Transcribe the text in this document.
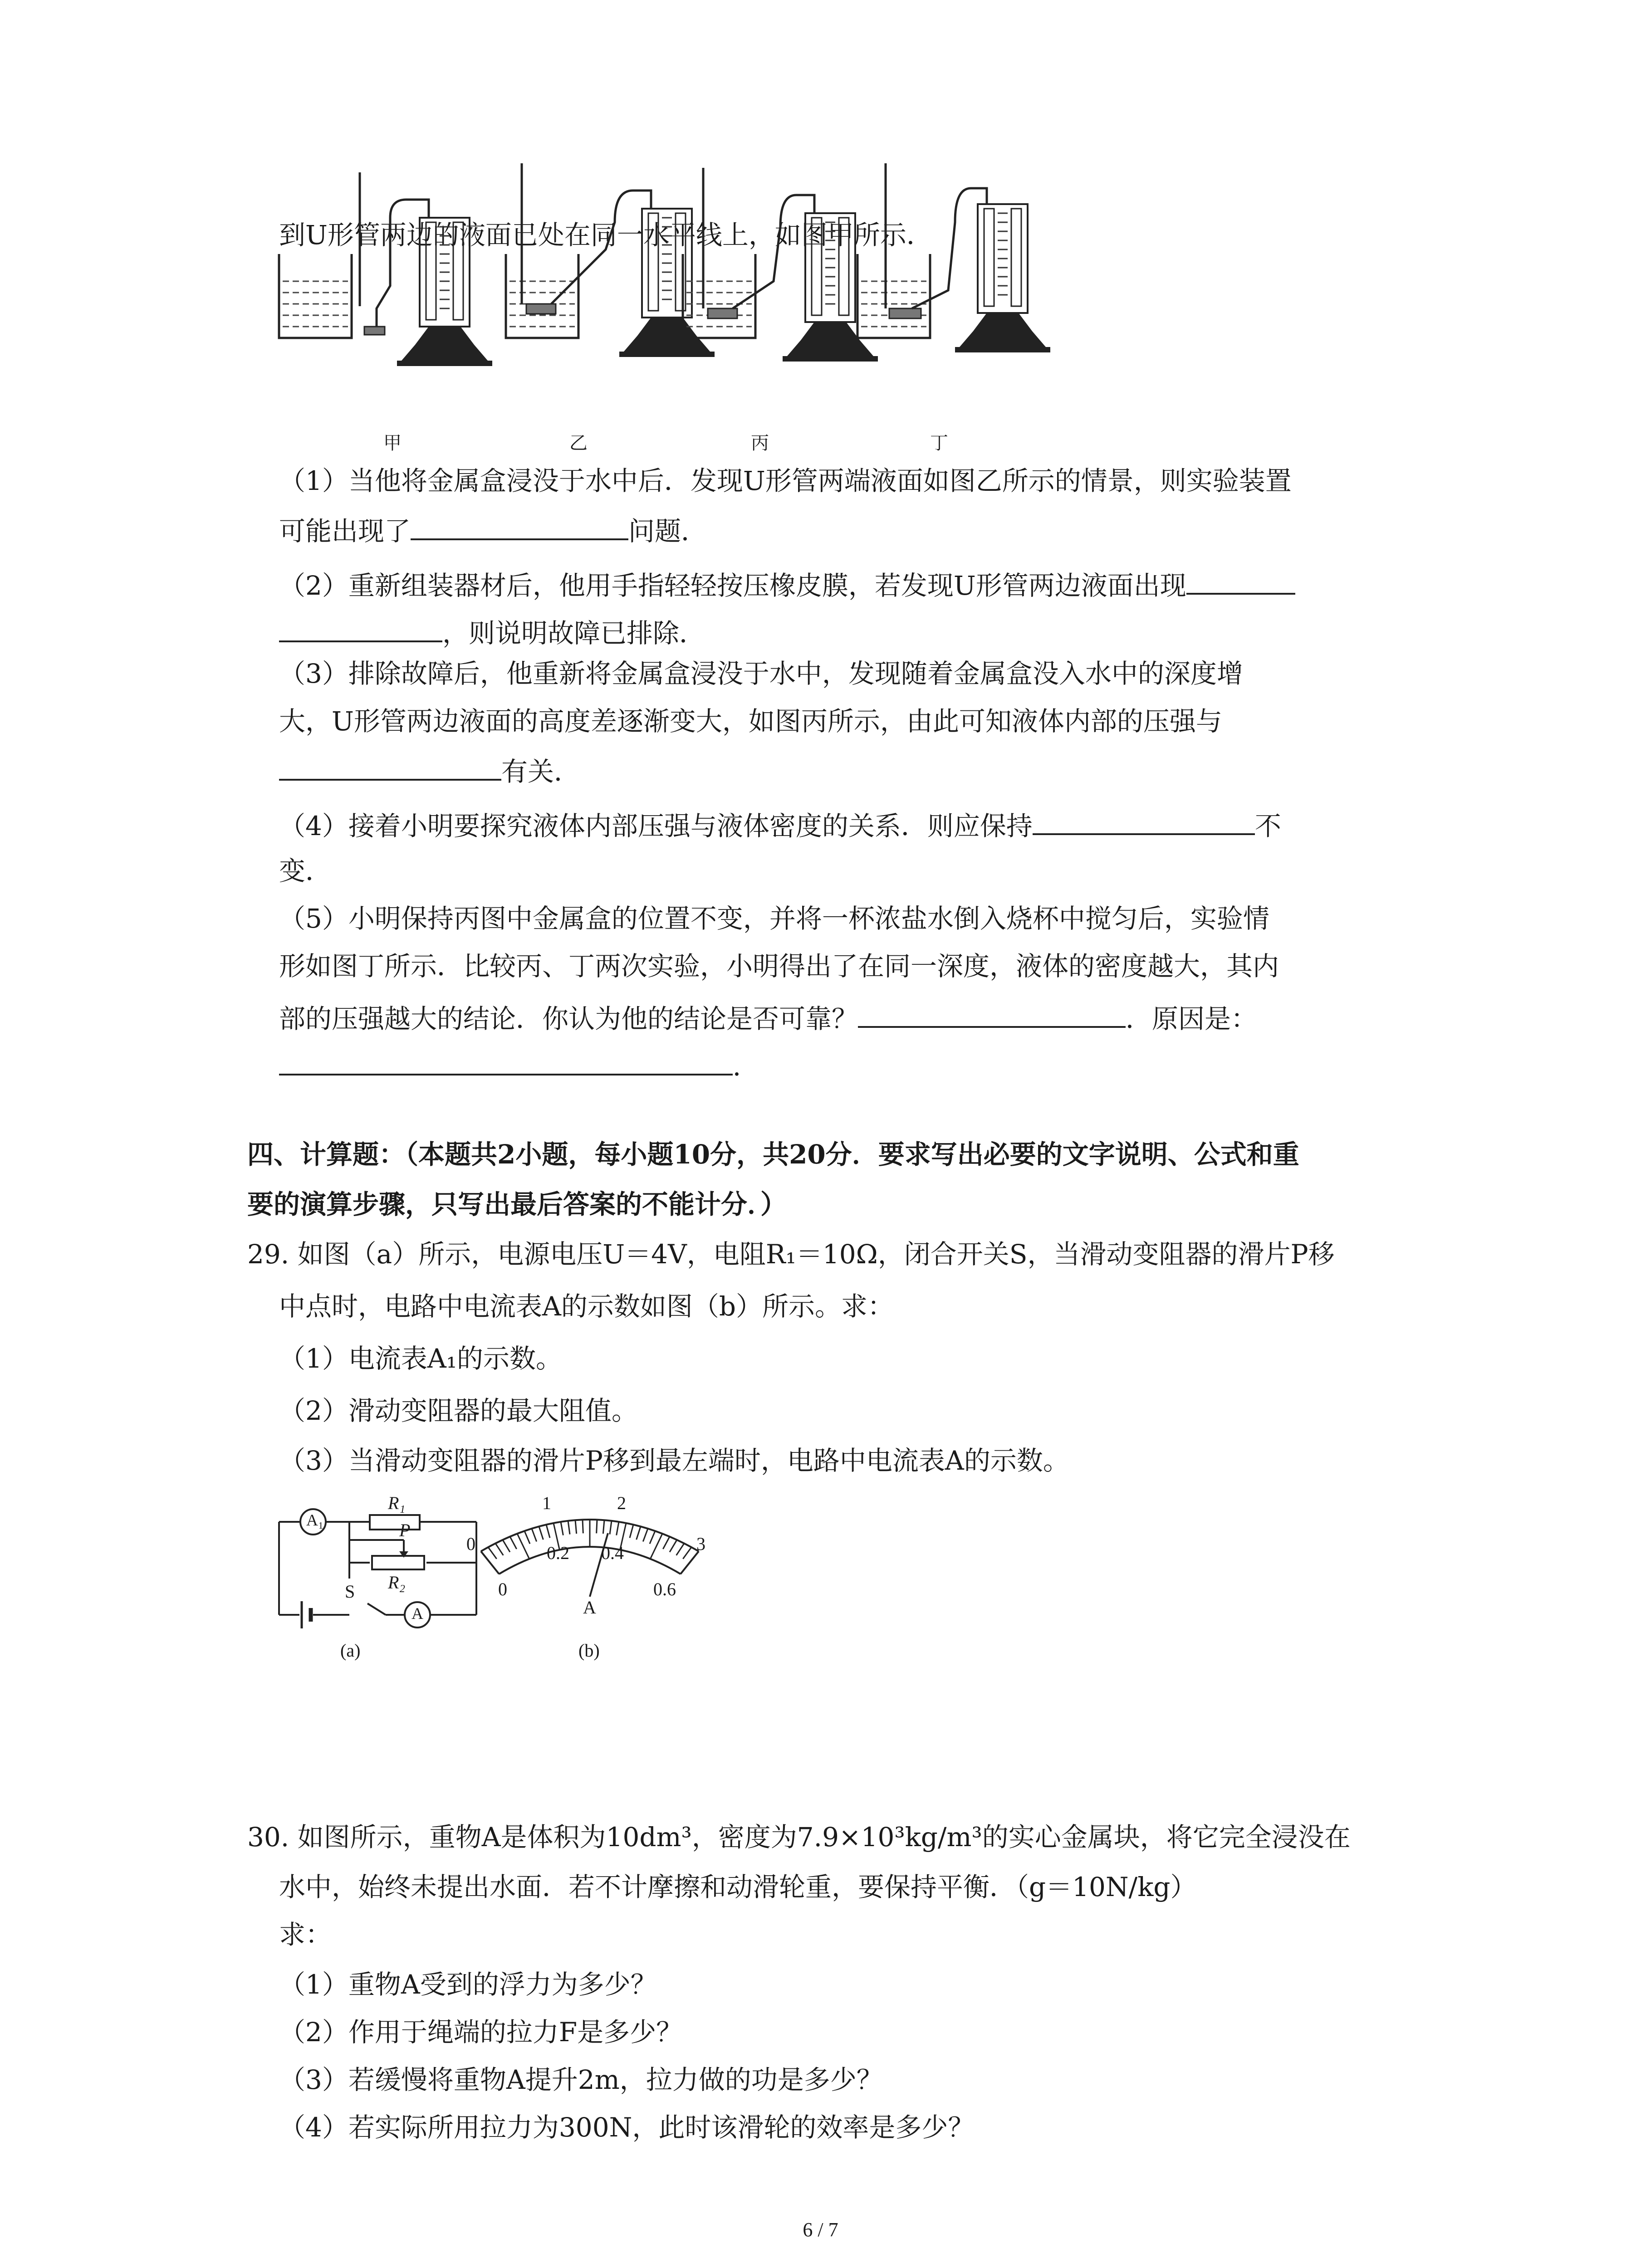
到U形管两边的液面已处在同一水平线上，如图甲所示．
甲	乙	丙	丁
（1）当他将金属盒浸没于水中后．发现U形管两端液面如图乙所示的情景，则实验装置
可能出现了	问题．
（2）重新组装器材后，他用手指轻轻按压橡皮膜，若发现U形管两边液面出现
，则说明故障已排除．
（3）排除故障后，他重新将金属盒浸没于水中，发现随着金属盒没入水中的深度增
大，U形管两边液面的高度差逐渐变大，如图丙所示，由此可知液体内部的压强与
有关．
（4）接着小明要探究液体内部压强与液体密度的关系．则应保持	不
变．
（5）小明保持丙图中金属盒的位置不变，并将一杯浓盐水倒入烧杯中搅匀后，实验情
形如图丁所示．比较丙、丁两次实验，小明得出了在同一深度，液体的密度越大，其内
部的压强越大的结论．你认为他的结论是否可靠？	．原因是：
．
四、计算题：（本题共2小题，每小题10分，共20分．要求写出必要的文字说明、公式和重
要的演算步骤，只写出最后答案的不能计分．）
29. 如图（a）所示，电源电压U＝4V，电阻R₁＝10Ω，闭合开关S，当滑动变阻器的滑片P移
中点时，电路中电流表A的示数如图（b）所示。求：
（1）电流表A₁的示数。
（2）滑动变阻器的最大阻值。
（3）当滑动变阻器的滑片P移到最左端时，电路中电流表A的示数。
A₁
R₁
P
R₂
S
A
(a)
0
1	2
3
0
0.2 0.4
0.6
A
(b)
30. 如图所示，重物A是体积为10dm³，密度为7.9×10³kg/m³的实心金属块，将它完全浸没在
水中，始终未提出水面．若不计摩擦和动滑轮重，要保持平衡．（g＝10N/kg）
求：
（1）重物A受到的浮力为多少？
（2）作用于绳端的拉力F是多少？
（3）若缓慢将重物A提升2m，拉力做的功是多少？
（4）若实际所用拉力为300N，此时该滑轮的效率是多少？
6 / 7
